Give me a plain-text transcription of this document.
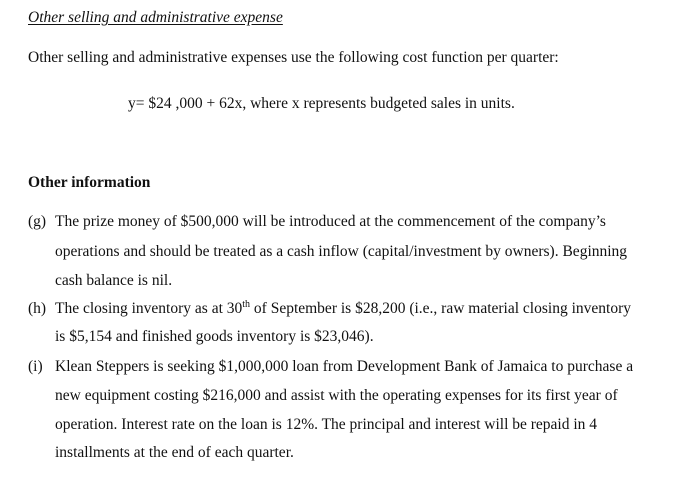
Other selling and administrative expense
Other selling and administrative expenses use the following cost function per quarter:
y= $24 ,000 + 62x, where x represents budgeted sales in units.
Other information
(g) The prize money of $500,000 will be introduced at the commencement of the company’s
operations and should be treated as a cash inflow (capital/investment by owners). Beginning
cash balance is nil.
(h) The closing inventory as at 30th of September is $28,200 (i.e., raw material closing inventory
is $5,154 and finished goods inventory is $23,046).
(i) Klean Steppers is seeking $1,000,000 loan from Development Bank of Jamaica to purchase a
new equipment costing $216,000 and assist with the operating expenses for its first year of
operation. Interest rate on the loan is 12%. The principal and interest will be repaid in 4
installments at the end of each quarter.
